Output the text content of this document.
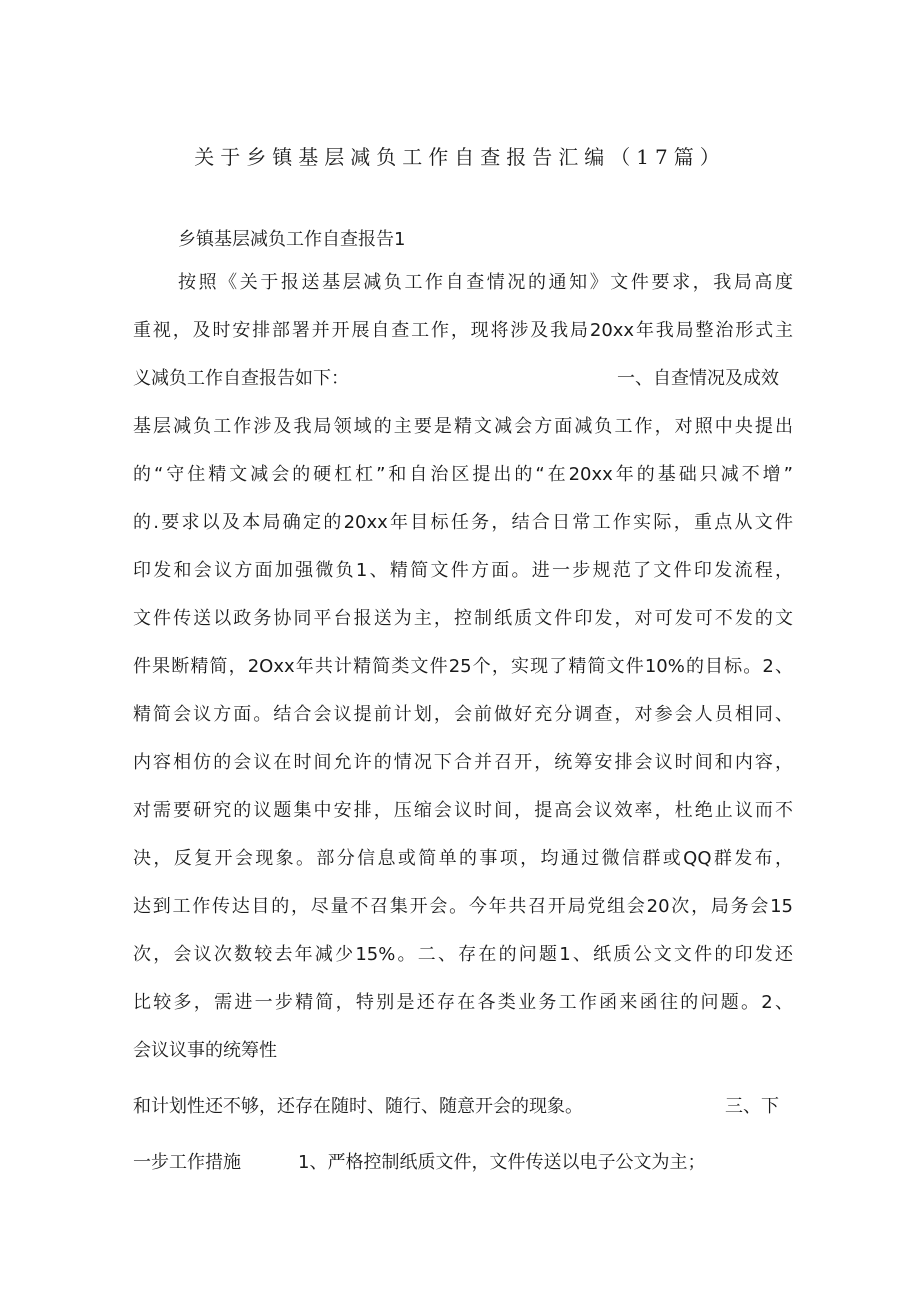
关于乡镇基层减负工作自查报告汇编（17篇）
乡镇基层减负工作自查报告1
按照《关于报送基层减负工作自查情况的通知》文件要求，我局高度
重视，及时安排部署并开展自查工作，现将涉及我局20xx年我局整治形式主
义减负工作自查报告如下：	一、自查情况及成效
基层减负工作涉及我局领域的主要是精文减会方面减负工作，对照中央提出
的“守住精文减会的硬杠杠”和自治区提出的“在20xx年的基础只减不增”
的.要求以及本局确定的20xx年目标任务，结合日常工作实际，重点从文件
印发和会议方面加强微负1、精简文件方面。进一步规范了文件印发流程，
文件传送以政务协同平台报送为主，控制纸质文件印发，对可发可不发的文
件果断精简，2Oxx年共计精简类文件25个，实现了精简文件10%的目标。2、
精简会议方面。结合会议提前计划，会前做好充分调查，对参会人员相同、
内容相仿的会议在时间允许的情况下合并召开，统筹安排会议时间和内容，
对需要研究的议题集中安排，压缩会议时间，提高会议效率，杜绝止议而不
决，反复开会现象。部分信息或简单的事项，均通过微信群或QQ群发布，
达到工作传达目的，尽量不召集开会。今年共召开局党组会20次，局务会15
次，会议次数较去年减少15%。二、存在的问题1、纸质公文文件的印发还
比较多，需进一步精简，特别是还存在各类业务工作函来函往的问题。2、
会议议事的统筹性
和计划性还不够，还存在随时、随行、随意开会的现象。	三、下
一步工作措施	1、严格控制纸质文件，文件传送以电子公文为主；
